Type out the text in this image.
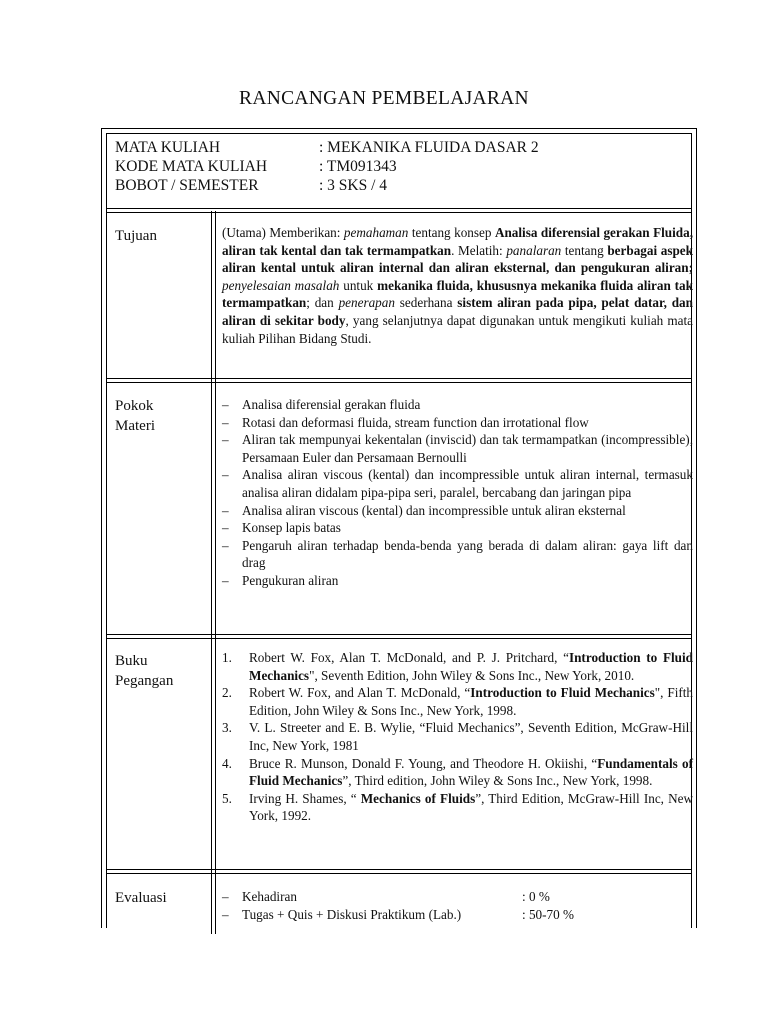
RANCANGAN PEMBELAJARAN
MATA KULIAH	: MEKANIKA FLUIDA DASAR 2
KODE MATA KULIAH	: TM091343
BOBOT / SEMESTER	: 3 SKS / 4
Tujuan	(Utama) Memberikan: pemahaman tentang konsep Analisa diferensial gerakan Fluida, aliran tak kental dan tak termampatkan. Melatih: panalaran tentang berbagai aspek aliran kental untuk aliran internal dan aliran eksternal, dan pengukuran aliran; penyelesaian masalah untuk mekanika fluida, khususnya mekanika fluida aliran tak termampatkan; dan penerapan sederhana sistem aliran pada pipa, pelat datar, dan aliran di sekitar body, yang selanjutnya dapat digunakan untuk mengikuti kuliah mata kuliah Pilihan Bidang Studi.
Pokok
Materi
– Analisa diferensial gerakan fluida
– Rotasi dan deformasi fluida, stream function dan irrotational flow
– Aliran tak mempunyai kekentalan (inviscid) dan tak termampatkan (incompressible), Persamaan Euler dan Persamaan Bernoulli
– Analisa aliran viscous (kental) dan incompressible untuk aliran internal, termasuk analisa aliran didalam pipa-pipa seri, paralel, bercabang dan jaringan pipa
– Analisa aliran viscous (kental) dan incompressible untuk aliran eksternal
– Konsep lapis batas
– Pengaruh aliran terhadap benda-benda yang berada di dalam aliran: gaya lift dan drag
– Pengukuran aliran
Buku
Pegangan
1. Robert W. Fox, Alan T. McDonald, and P. J. Pritchard, “Introduction to Fluid Mechanics", Seventh Edition, John Wiley & Sons Inc., New York, 2010.
2. Robert W. Fox, and Alan T. McDonald, “Introduction to Fluid Mechanics", Fifth Edition, John Wiley & Sons Inc., New York, 1998.
3. V. L. Streeter and E. B. Wylie, “Fluid Mechanics”, Seventh Edition, McGraw-Hill Inc, New York, 1981
4. Bruce R. Munson, Donald F. Young, and Theodore H. Okiishi, “Fundamentals of Fluid Mechanics”, Third edition, John Wiley & Sons Inc., New York, 1998.
5. Irving H. Shames, “ Mechanics of Fluids”, Third Edition, McGraw-Hill Inc, New York, 1992.
Evaluasi
–	Kehadiran	: 0 %
– Tugas + Quis + Diskusi Praktikum (Lab.)	: 50-70 %
